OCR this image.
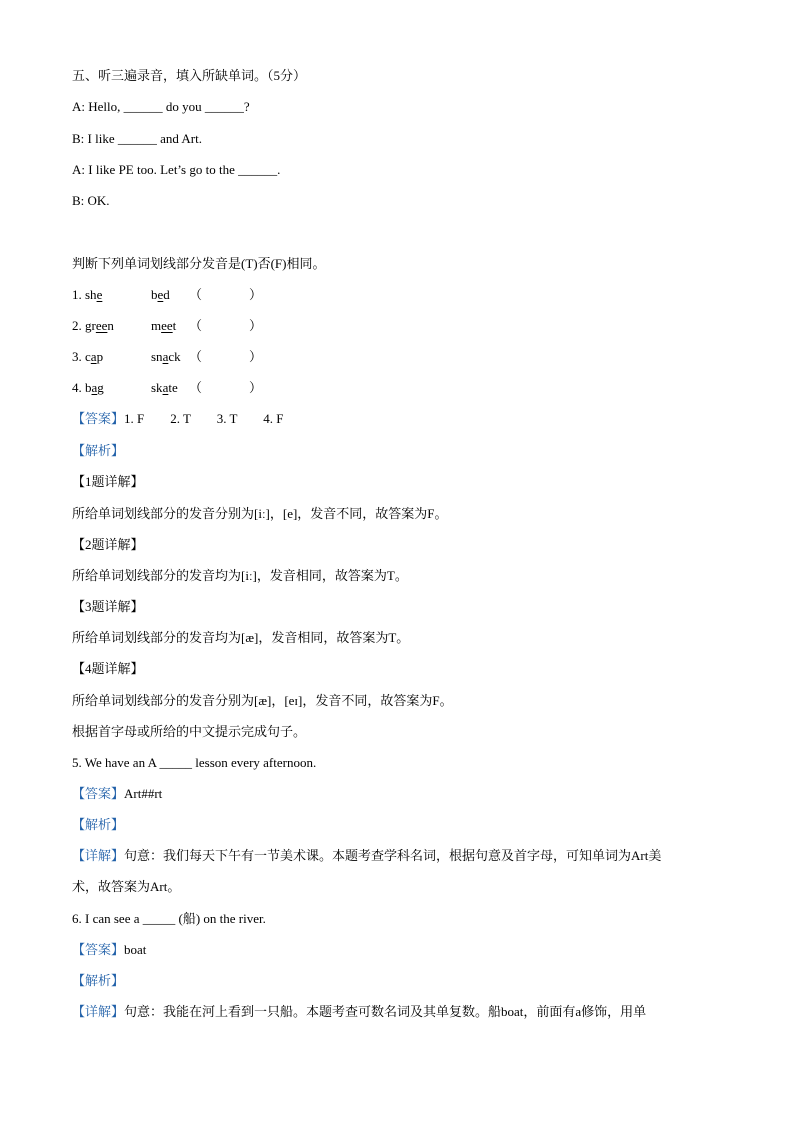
五、听三遍录音，填入所缺单词。（5分）
A: Hello, ______ do you ______?
B: I like ______ and Art.
A: I like PE too. Let’s go to the ______.
B: OK.
判断下列单词划线部分发音是(T)否(F)相同。
1. she	bed （	）
2. green	meet （	）
3. cap	snack （	）
4. bag	skate （	）
【答案】1. F        2. T        3. T        4. F
【解析】
【1题详解】
所给单词划线部分的发音分别为[iː]，[e]，发音不同，故答案为F。
【2题详解】
所给单词划线部分的发音均为[iː]，发音相同，故答案为T。
【3题详解】
所给单词划线部分的发音均为[æ]，发音相同，故答案为T。
【4题详解】
所给单词划线部分的发音分别为[æ]，[eɪ]，发音不同，故答案为F。
根据首字母或所给的中文提示完成句子。
5. We have an A _____ lesson every afternoon.
【答案】Art##rt
【解析】
【详解】句意：我们每天下午有一节美术课。本题考查学科名词，根据句意及首字母，可知单词为Art美
术，故答案为Art。
6. I can see a _____ (船) on the river.
【答案】boat
【解析】
【详解】句意：我能在河上看到一只船。本题考查可数名词及其单复数。船boat，前面有a修饰，用单
